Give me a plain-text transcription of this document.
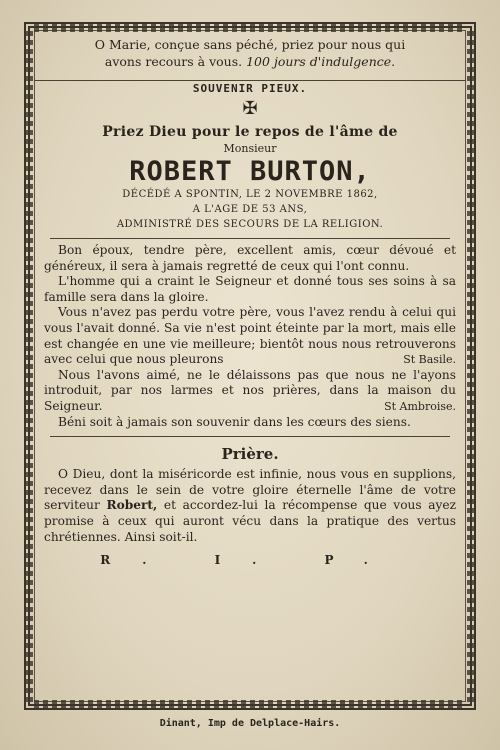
O Marie, conçue sans péché, priez pour nous qui
avons recours à vous. 100 jours d'indulgence.
SOUVENIR PIEUX.
✠
Priez Dieu pour le repos de l'âme de
Monsieur
ROBERT BURTON,
DÉCÉDÉ A SPONTIN, LE 2 NOVEMBRE 1862,
A L'AGE DE 53 ANS,
ADMINISTRÉ DES SECOURS DE LA RELIGION.

Bon époux, tendre père, excellent amis, cœur dévoué et généreux, il sera à jamais regretté de ceux qui l'ont connu.

L'homme qui a craint le Seigneur et donné tous ses soins à sa famille sera dans la gloire.

Vous n'avez pas perdu votre père, vous l'avez rendu à celui qui vous l'avait donné. Sa vie n'est point éteinte par la mort, mais elle est changée en une vie meilleure; bientôt nous nous retrouverons avec celui que nous pleurons	St Basile.

Nous l'avons aimé, ne le délaissons pas que nous ne l'ayons introduit, par nos larmes et nos prières, dans la maison du Seigneur.	St Ambroise.

Béni soit à jamais son souvenir dans les cœurs des siens.

Prière.

O Dieu, dont la miséricorde est infinie, nous vous en supplions, recevez dans le sein de votre gloire éternelle l'âme de votre serviteur Robert, et accordez-lui la récompense que vous ayez promise à ceux qui auront vécu dans la pratique des vertus chrétiennes. Ainsi soit-il.

R. I. P.
Dinant, Imp de Delplace-Hairs.
